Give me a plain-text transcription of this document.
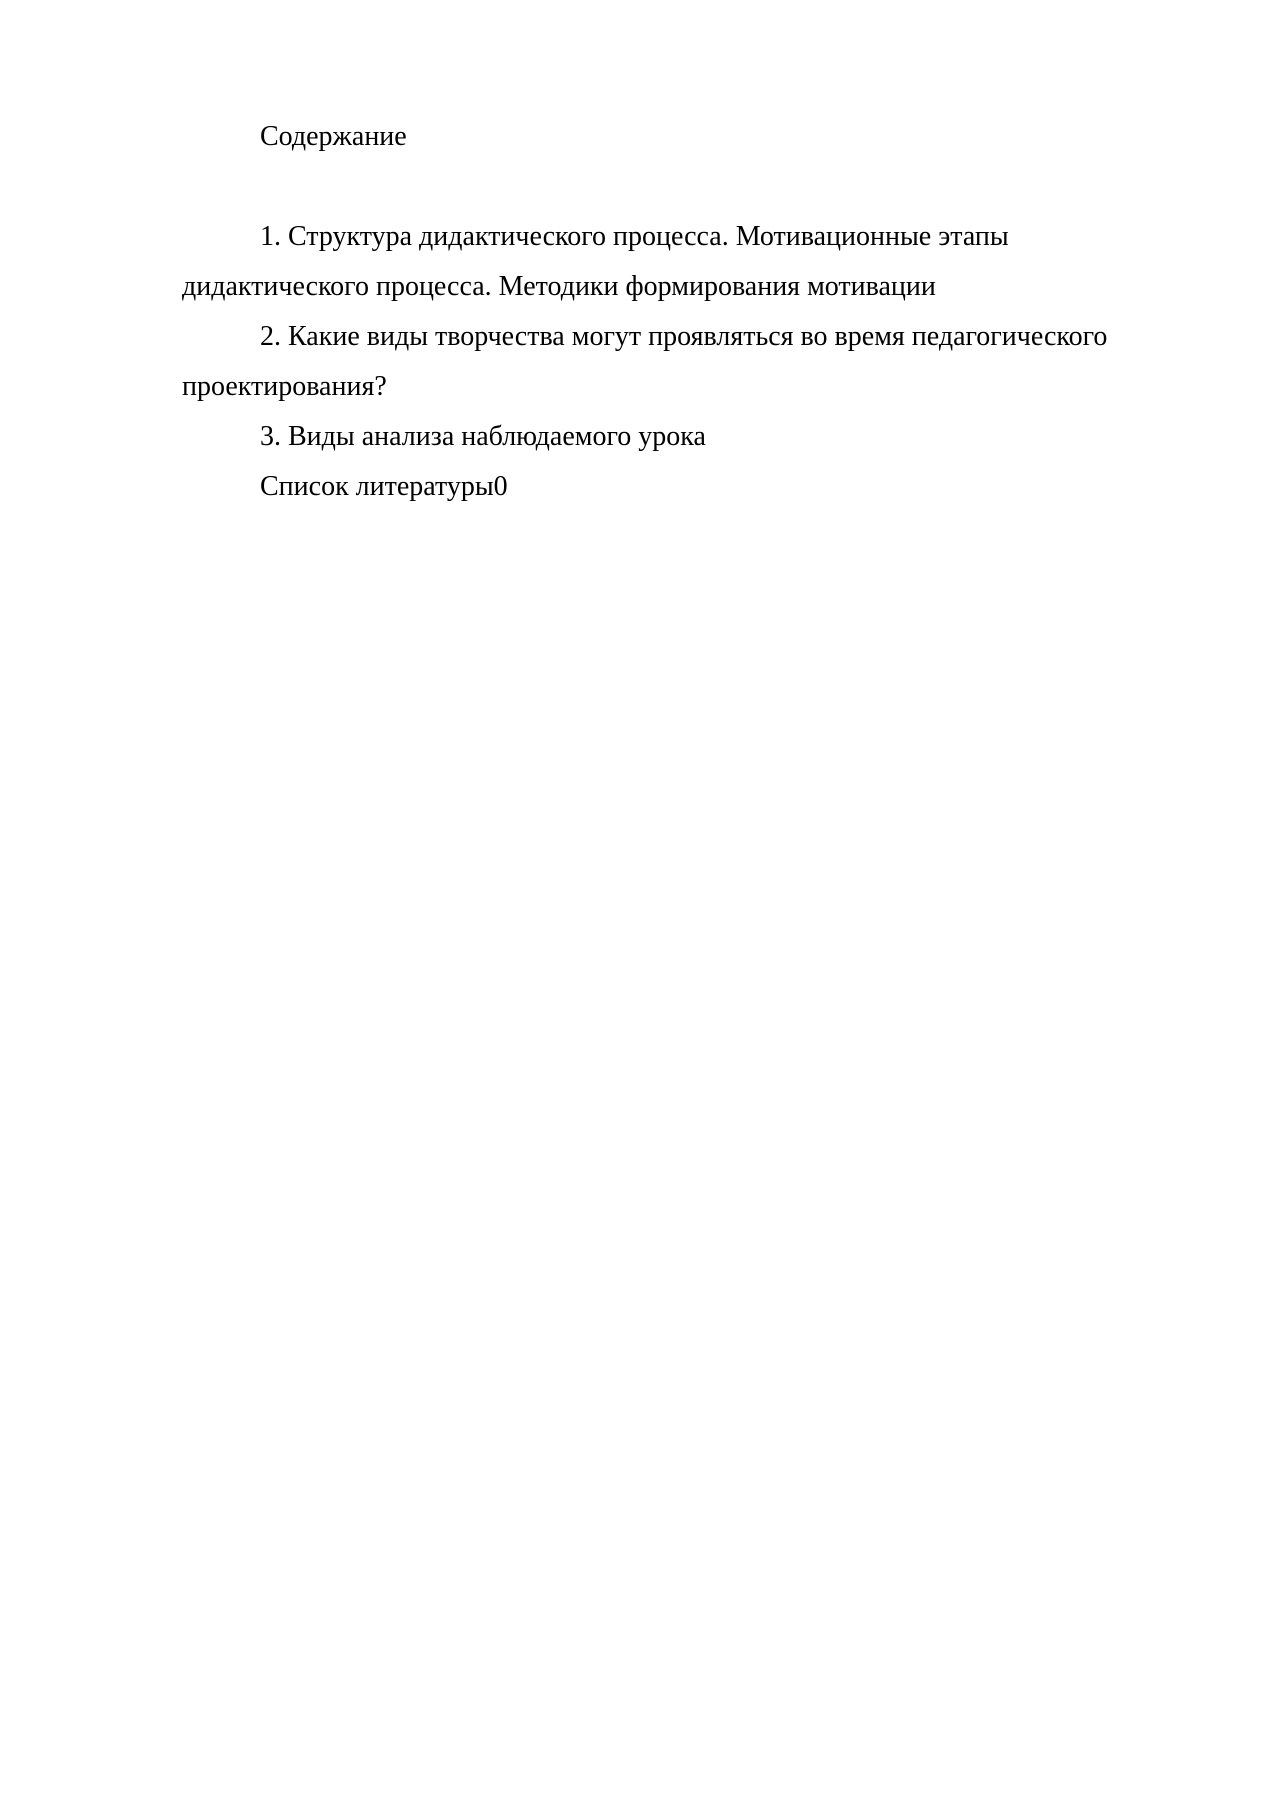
Содержание

1. Структура дидактического процесса. Мотивационные этапы дидактического процесса. Методики формирования мотивации

2. Какие виды творчества могут проявляться во время педагогического проектирования?

3. Виды анализа наблюдаемого урока

Список литературы0
